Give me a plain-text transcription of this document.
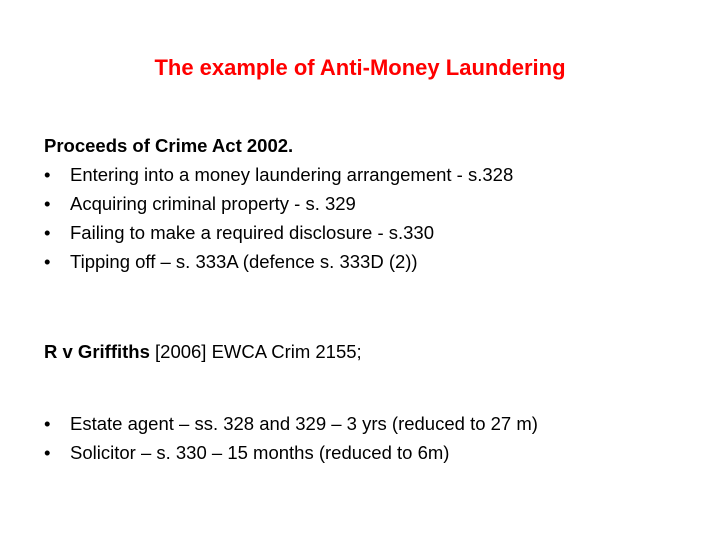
The example of Anti-Money Laundering
Proceeds of Crime Act 2002.
•	Entering into a money laundering arrangement - s.328
•	Acquiring criminal property - s. 329
•	Failing to make a required disclosure - s.330
•	Tipping off – s. 333A (defence s. 333D (2))
R v Griffiths [2006] EWCA Crim 2155;
•	Estate agent – ss. 328 and 329 – 3 yrs (reduced to 27 m)
•	Solicitor – s. 330 – 15 months (reduced to 6m)
